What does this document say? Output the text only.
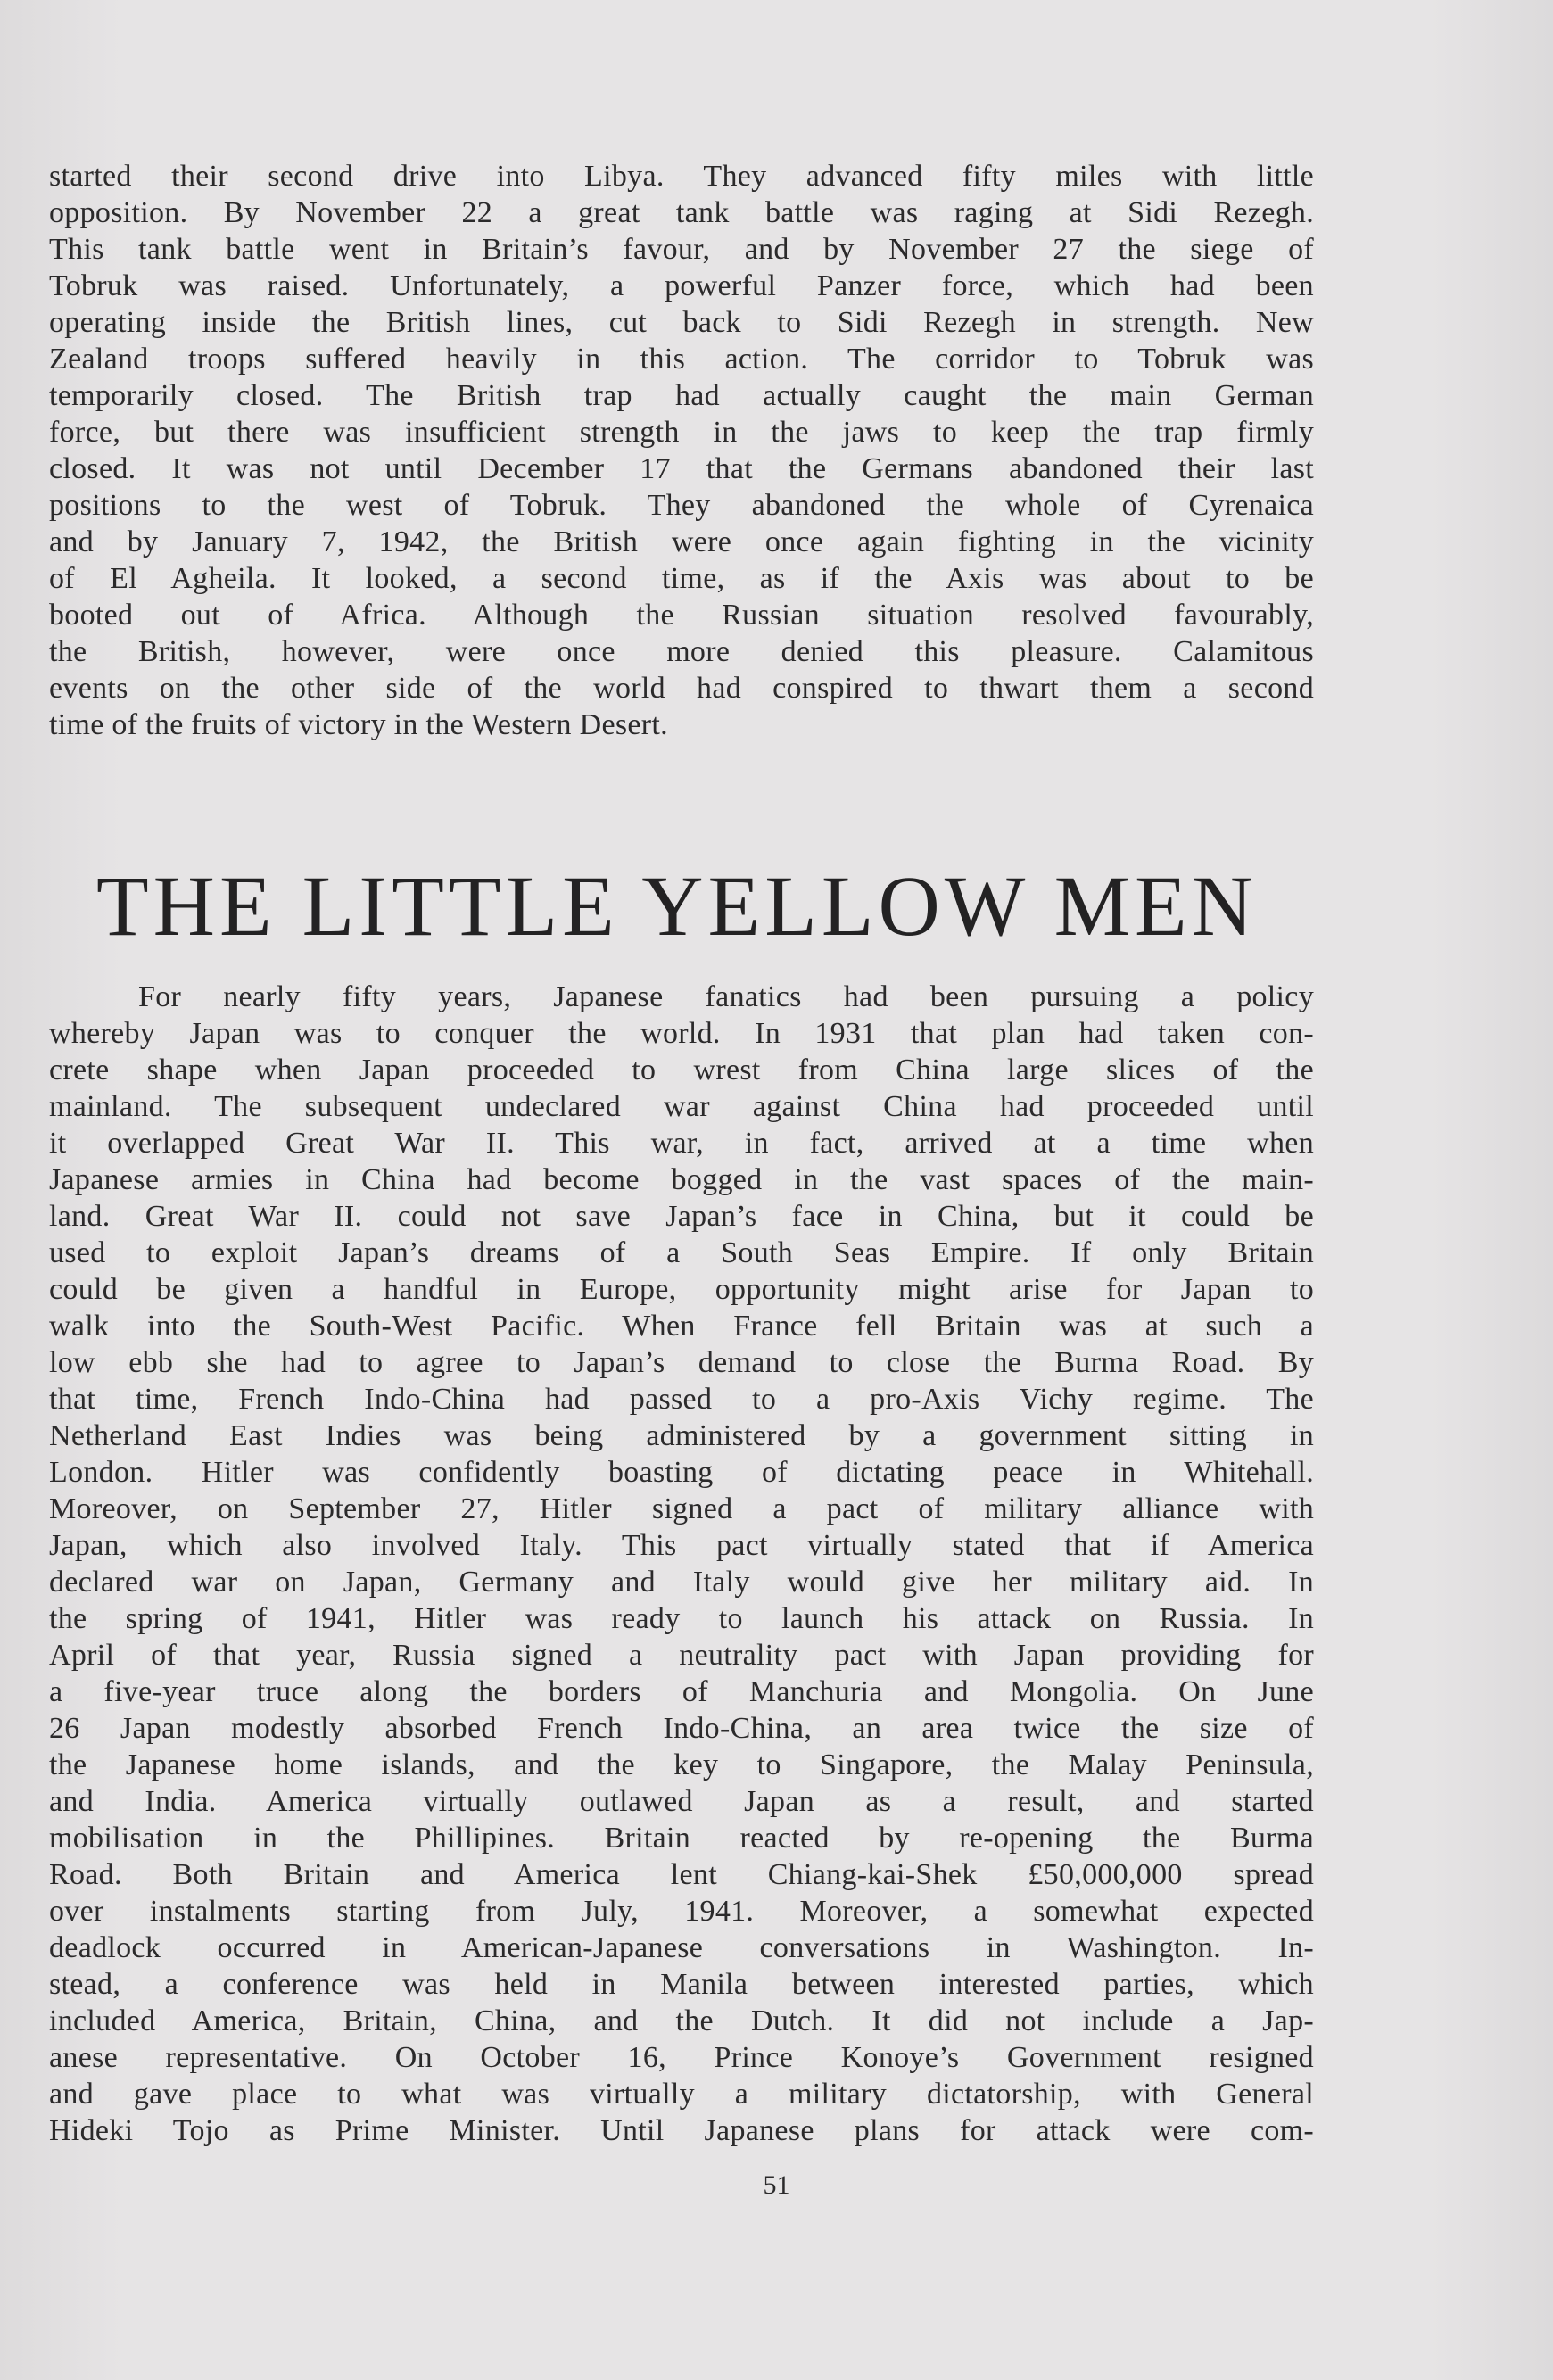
started their second drive into Libya. They advanced fifty miles with little
opposition. By November 22 a great tank battle was raging at Sidi Rezegh.
This tank battle went in Britain’s favour, and by November 27 the siege of
Tobruk was raised. Unfortunately, a powerful Panzer force, which had been
operating inside the British lines, cut back to Sidi Rezegh in strength. New
Zealand troops suffered heavily in this action. The corridor to Tobruk was
temporarily closed. The British trap had actually caught the main German
force, but there was insufficient strength in the jaws to keep the trap firmly
closed. It was not until December 17 that the Germans abandoned their last
positions to the west of Tobruk. They abandoned the whole of Cyrenaica
and by January 7, 1942, the British were once again fighting in the vicinity
of El Agheila. It looked, a second time, as if the Axis was about to be
booted out of Africa. Although the Russian situation resolved favourably,
the British, however, were once more denied this pleasure. Calamitous
events on the other side of the world had conspired to thwart them a second
time of the fruits of victory in the Western Desert.
THE LITTLE YELLOW MEN
For nearly fifty years, Japanese fanatics had been pursuing a policy
whereby Japan was to conquer the world. In 1931 that plan had taken con-
crete shape when Japan proceeded to wrest from China large slices of the
mainland. The subsequent undeclared war against China had proceeded until
it overlapped Great War II. This war, in fact, arrived at a time when
Japanese armies in China had become bogged in the vast spaces of the main-
land. Great War II. could not save Japan’s face in China, but it could be
used to exploit Japan’s dreams of a South Seas Empire. If only Britain
could be given a handful in Europe, opportunity might arise for Japan to
walk into the South-West Pacific. When France fell Britain was at such a
low ebb she had to agree to Japan’s demand to close the Burma Road. By
that time, French Indo-China had passed to a pro-Axis Vichy regime. The
Netherland East Indies was being administered by a government sitting in
London. Hitler was confidently boasting of dictating peace in Whitehall.
Moreover, on September 27, Hitler signed a pact of military alliance with
Japan, which also involved Italy. This pact virtually stated that if America
declared war on Japan, Germany and Italy would give her military aid. In
the spring of 1941, Hitler was ready to launch his attack on Russia. In
April of that year, Russia signed a neutrality pact with Japan providing for
a five-year truce along the borders of Manchuria and Mongolia. On June
26 Japan modestly absorbed French Indo-China, an area twice the size of
the Japanese home islands, and the key to Singapore, the Malay Peninsula,
and India. America virtually outlawed Japan as a result, and started
mobilisation in the Phillipines. Britain reacted by re-opening the Burma
Road. Both Britain and America lent Chiang-kai-Shek £50,000,000 spread
over instalments starting from July, 1941. Moreover, a somewhat expected
deadlock occurred in American-Japanese conversations in Washington. In-
stead, a conference was held in Manila between interested parties, which
included America, Britain, China, and the Dutch. It did not include a Jap-
anese representative. On October 16, Prince Konoye’s Government resigned
and gave place to what was virtually a military dictatorship, with General
Hideki Tojo as Prime Minister. Until Japanese plans for attack were com-
51
